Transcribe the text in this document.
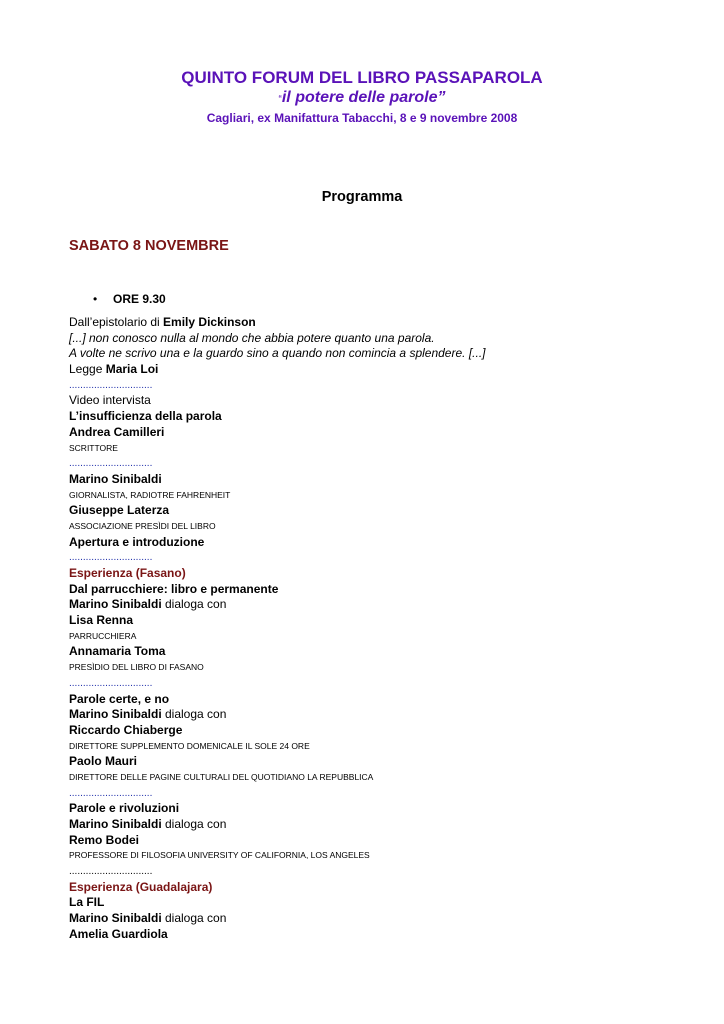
QUINTO FORUM DEL LIBRO PASSAPAROLA

“il potere delle parole”

Cagliari, ex Manifattura Tabacchi, 8 e 9 novembre 2008

Programma
SABATO 8 NOVEMBRE
• ORE 9.30
Dall’epistolario di Emily Dickinson
[...] non conosco nulla al mondo che abbia potere quanto una parola.
A volte ne scrivo una e la guardo sino a quando non comincia a splendere. [...]
Legge Maria Loi
..............................
Video intervista
L’insufficienza della parola
Andrea Camilleri
SCRITTORE
..............................
Marino Sinibaldi
GIORNALISTA, RADIOTRE FAHRENHEIT
Giuseppe Laterza
ASSOCIAZIONE PRESÌDI DEL LIBRO
Apertura e introduzione
..............................
Esperienza (Fasano)
Dal parrucchiere: libro e permanente
Marino Sinibaldi dialoga con
Lisa Renna
PARRUCCHIERA
Annamaria Toma
PRESÌDIO DEL LIBRO DI FASANO
..............................
Parole certe, e no
Marino Sinibaldi dialoga con
Riccardo Chiaberge
DIRETTORE SUPPLEMENTO DOMENICALE IL SOLE 24 ORE
Paolo Mauri
DIRETTORE DELLE PAGINE CULTURALI DEL QUOTIDIANO LA REPUBBLICA
..............................
Parole e rivoluzioni
Marino Sinibaldi dialoga con
Remo Bodei
PROFESSORE DI FILOSOFIA UNIVERSITY OF CALIFORNIA, LOS ANGELES
..............................
Esperienza (Guadalajara)
La FIL
Marino Sinibaldi dialoga con
Amelia Guardiola
